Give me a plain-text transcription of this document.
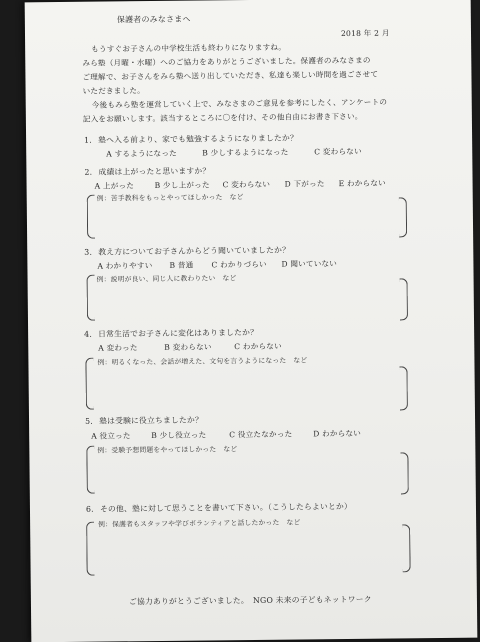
保護者のみなさまへ
2018 年 2 月
もうすぐお子さんの中学校生活も終わりになりますね。
みら塾（月曜・水曜）へのご協力をありがとうございました。保護者のみなさまの
ご理解で、お子さんをみら塾へ送り出していただき、私達も楽しい時間を過ごさせて
いただきました。
今後もみら塾を運営していく上で、みなさまのご意見を参考にしたく、アンケートの
記入をお願いします。該当するところに〇を付け、その他自由にお書き下さい。
1. 塾へ入る前より、家でも勉強するようになりましたか？
A するようになった	B 少しするようになった	C 変わらない
2. 成績は上がったと思いますか？
A 上がった	B 少し上がった C 変わらない D 下がった E わからない
例：苦手教科をもっとやってほしかった　など
3. 教え方についてお子さんからどう聞いていましたか？
A わかりやすい B 普通 C わかりづらい D 聞いていない
例：説明が良い、同じ人に教わりたい　など
4. 日常生活でお子さんに変化はありましたか？
A 変わった	B 変わらない	C わからない
例：明るくなった、会話が増えた、文句を言うようになった　など
5. 塾は受験に役立ちましたか？
A 役立った	B 少し役立った	C 役立たなかった	D わからない
例：受験予想問題をやってほしかった　など
6. その他、塾に対して思うことを書いて下さい。（こうしたらよいとか）
例：保護者もスタッフや学びボランティアと話したかった　など
ご協力ありがとうございました。　NGO 未来の子どもネットワーク
